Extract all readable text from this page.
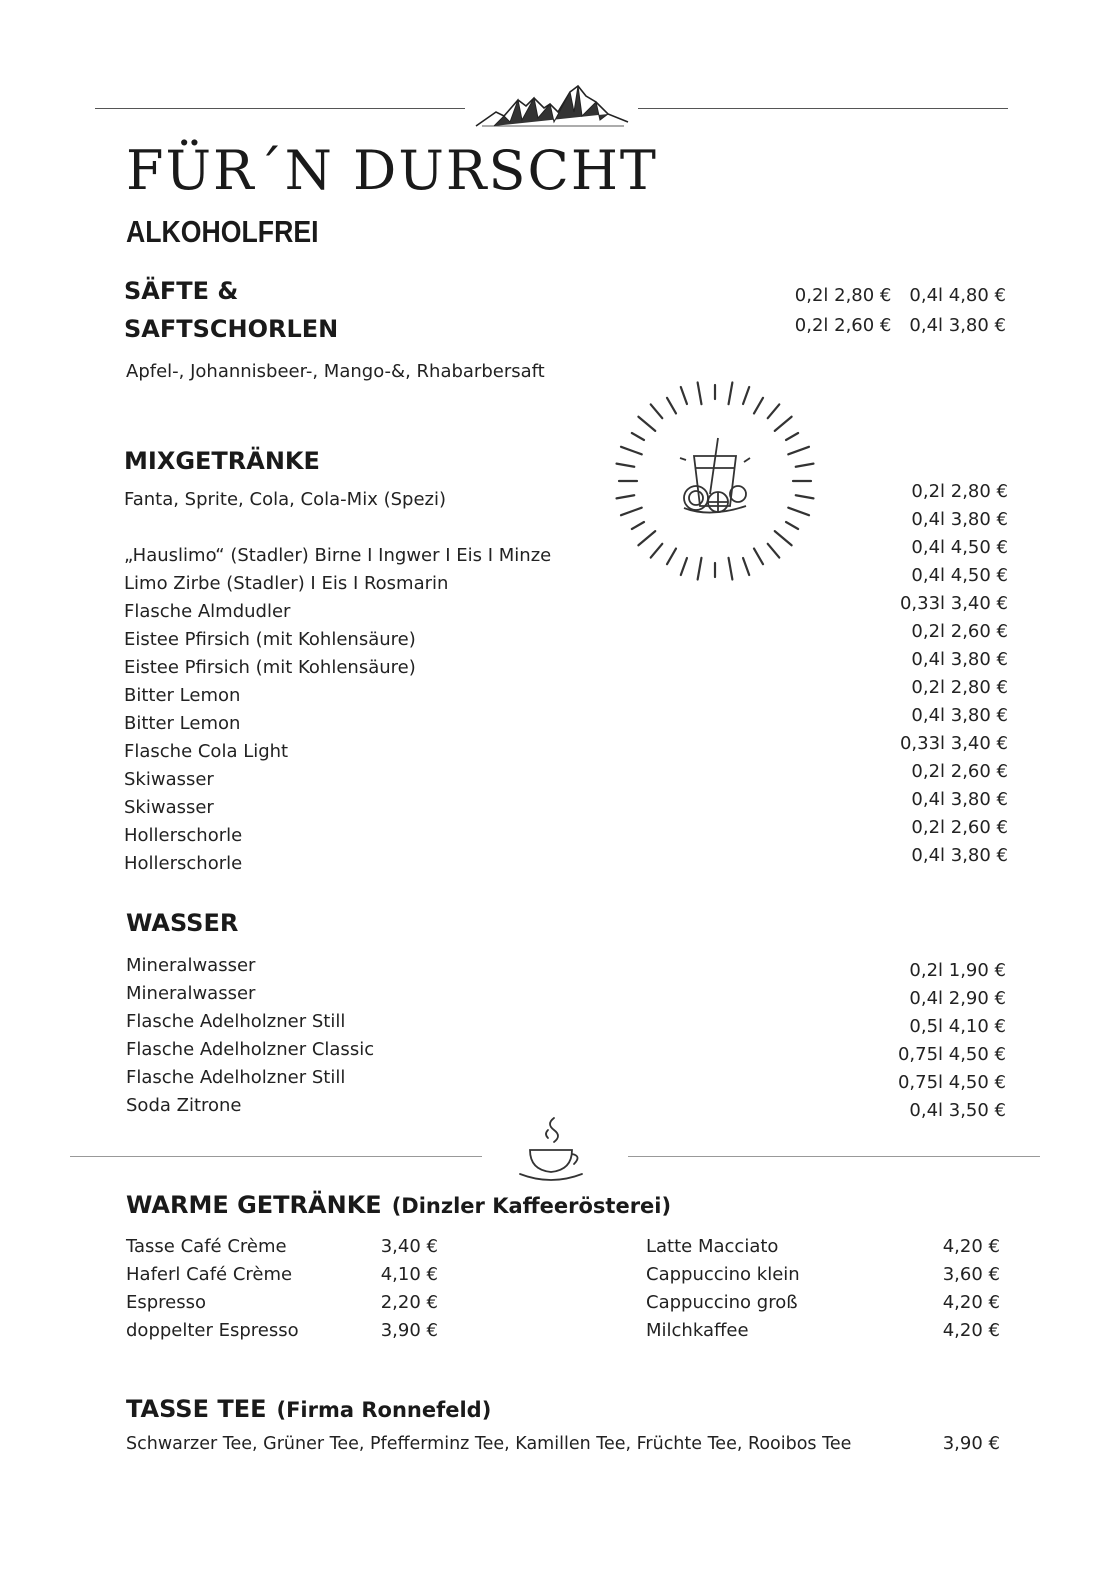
FÜR´N DURSCHT
ALKOHOLFREI
SÄFTE &
SAFTSCHORLEN
Apfel-, Johannisbeer-, Mango-&, Rhabarbersaft
0,2l 2,80 € 0,4l 4,80 €
0,2l 2,60 € 0,4l 3,80 €
MIXGETRÄNKE
Fanta, Sprite, Cola, Cola-Mix (Spezi)
„Hauslimo“ (Stadler) Birne I Ingwer I Eis I Minze
Limo Zirbe (Stadler) I Eis I Rosmarin
Flasche Almdudler
Eistee Pfirsich (mit Kohlensäure)
Eistee Pfirsich (mit Kohlensäure)
Bitter Lemon
Bitter Lemon
Flasche Cola Light
Skiwasser
Skiwasser
Hollerschorle
Hollerschorle
0,2l 2,80 €
0,4l 3,80 €
0,4l 4,50 €
0,4l 4,50 €
0,33l 3,40 €
0,2l 2,60 €
0,4l 3,80 €
0,2l 2,80 €
0,4l 3,80 €
0,33l 3,40 €
0,2l 2,60 €
0,4l 3,80 €
0,2l 2,60 €
0,4l 3,80 €
WASSER
Mineralwasser
Mineralwasser
Flasche Adelholzner Still
Flasche Adelholzner Classic
Flasche Adelholzner Still
Soda Zitrone
0,2l 1,90 €
0,4l 2,90 €
0,5l 4,10 €
0,75l 4,50 €
0,75l 4,50 €
0,4l 3,50 €
WARME GETRÄNKE (Dinzler Kaffeerösterei)
Tasse Café Crème
Haferl Café Crème
Espresso
doppelter Espresso
3,40 €
4,10 €
2,20 €
3,90 €
Latte Macciato
Cappuccino klein
Cappuccino groß
Milchkaffee
4,20 €
3,60 €
4,20 €
4,20 €
TASSE TEE (Firma Ronnefeld)
Schwarzer Tee, Grüner Tee, Pfefferminz Tee, Kamillen Tee, Früchte Tee, Rooibos Tee	3,90 €
